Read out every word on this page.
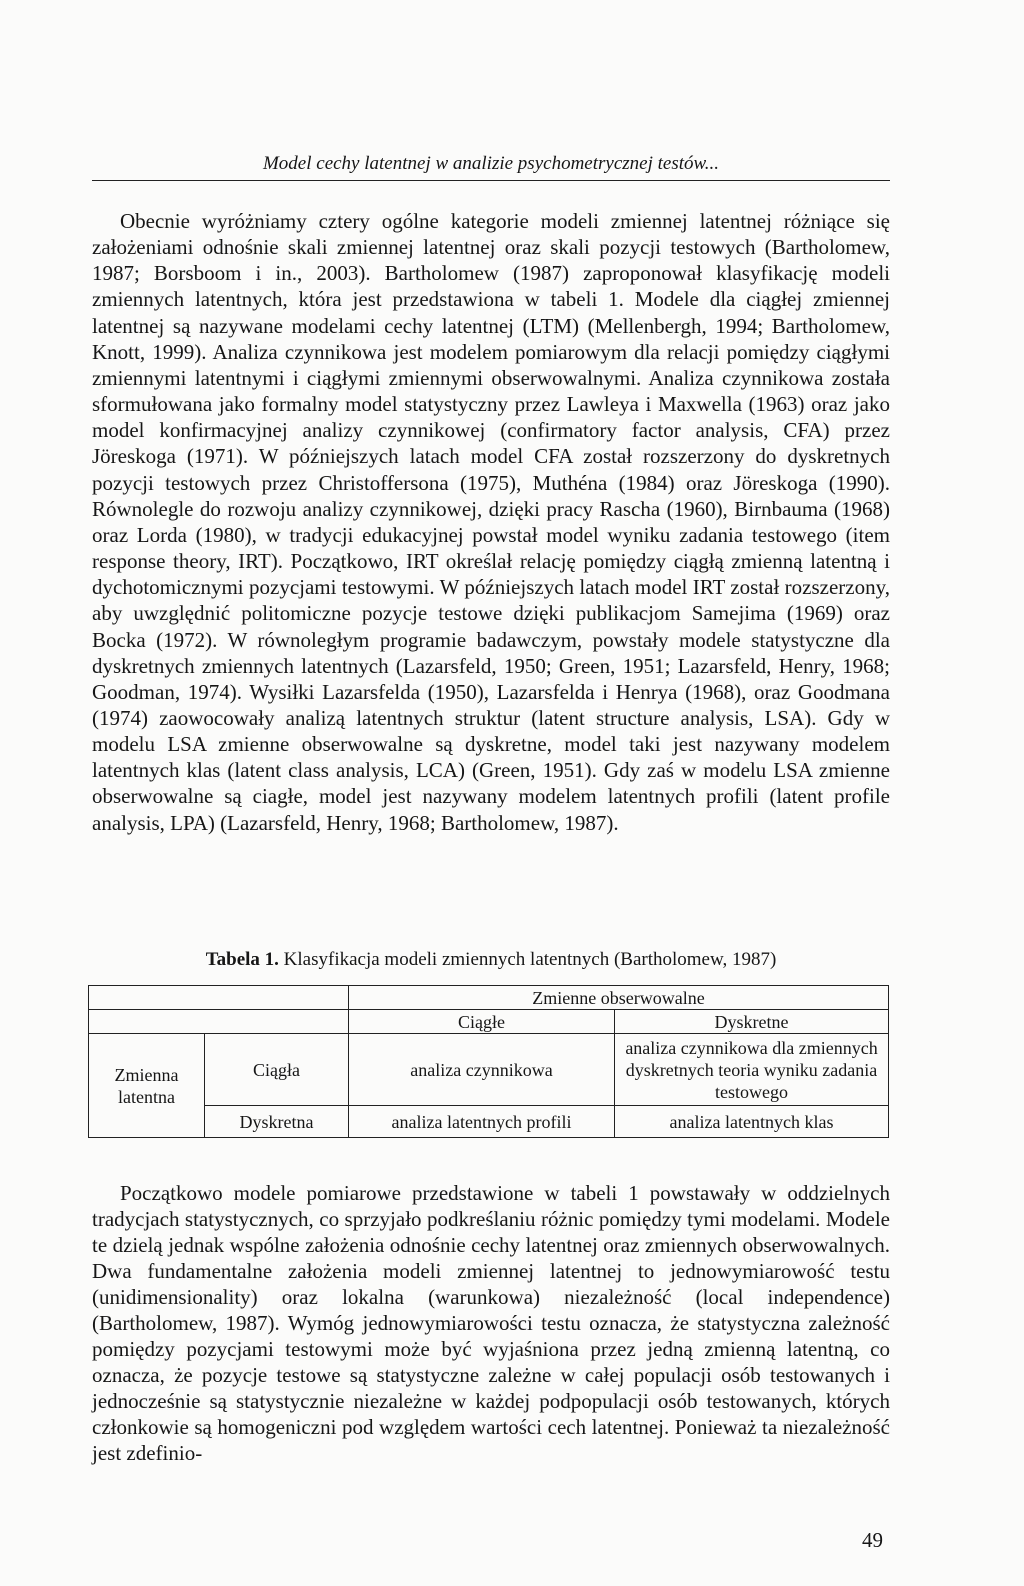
Model cechy latentnej w analizie psychometrycznej testów...

Obecnie wyróżniamy cztery ogólne kategorie modeli zmiennej latentnej różniące się założeniami odnośnie skali zmiennej latentnej oraz skali pozycji testowych (Bartholomew, 1987; Borsboom i in., 2003). Bartholomew (1987) zaproponował klasyfikację modeli zmiennych latentnych, która jest przedstawiona w tabeli 1. Modele dla ciągłej zmiennej latentnej są nazywane modelami cechy latentnej (LTM) (Mellenbergh, 1994; Bartholomew, Knott, 1999). Analiza czynnikowa jest modelem pomiarowym dla relacji pomiędzy ciągłymi zmiennymi latentnymi i ciągłymi zmiennymi obserwowalnymi. Analiza czynnikowa została sformułowana jako formalny model statystyczny przez Lawleya i Maxwella (1963) oraz jako model konfirmacyjnej analizy czynnikowej (confirmatory factor analysis, CFA) przez Jöreskoga (1971). W późniejszych latach model CFA został rozszerzony do dyskretnych pozycji testowych przez Christoffersona (1975), Muthéna (1984) oraz Jöreskoga (1990). Równolegle do rozwoju analizy czynnikowej, dzięki pracy Rascha (1960), Birnbauma (1968) oraz Lorda (1980), w tradycji edukacyjnej powstał model wyniku zadania testowego (item response theory, IRT). Początkowo, IRT określał relację pomiędzy ciągłą zmienną latentną i dychotomicznymi pozycjami testowymi. W późniejszych latach model IRT został rozszerzony, aby uwzględnić politomiczne pozycje testowe dzięki publikacjom Samejima (1969) oraz Bocka (1972). W równoległym programie badawczym, powstały modele statystyczne dla dyskretnych zmiennych latentnych (Lazarsfeld, 1950; Green, 1951; Lazarsfeld, Henry, 1968; Goodman, 1974). Wysiłki Lazarsfelda (1950), Lazarsfelda i Henrya (1968), oraz Goodmana (1974) zaowocowały analizą latentnych struktur (latent structure analysis, LSA). Gdy w modelu LSA zmienne obserwowalne są dyskretne, model taki jest nazywany modelem latentnych klas (latent class analysis, LCA) (Green, 1951). Gdy zaś w modelu LSA zmienne obserwowalne są ciagłe, model jest nazywany modelem latentnych profili (latent profile analysis, LPA) (Lazarsfeld, Henry, 1968; Bartholomew, 1987).

Tabela 1. Klasyfikacja modeli zmiennych latentnych (Bartholomew, 1987)
		Zmienne obserwowalne	
		Ciągłe	Dyskretne
Zmienna latentna	Ciągła	analiza czynnikowa	analiza czynnikowa dla zmiennych dyskretnych teoria wyniku zadania testowego
	Dyskretna	analiza latentnych profili	analiza latentnych klas

Początkowo modele pomiarowe przedstawione w tabeli 1 powstawały w oddzielnych tradycjach statystycznych, co sprzyjało podkreślaniu różnic pomiędzy tymi modelami. Modele te dzielą jednak wspólne założenia odnośnie cechy latentnej oraz zmiennych obserwowalnych. Dwa fundamentalne założenia modeli zmiennej latentnej to jednowymiarowość testu (unidimensionality) oraz lokalna (warunkowa) niezależność (local independence) (Bartholomew, 1987). Wymóg jednowymiarowości testu oznacza, że statystyczna zależność pomiędzy pozycjami testowymi może być wyjaśniona przez jedną zmienną latentną, co oznacza, że pozycje testowe są statystyczne zależne w całej populacji osób testowanych i jednocześnie są statystycznie niezależne w każdej podpopulacji osób testowanych, których członkowie są homogeniczni pod względem wartości cech latentnej. Ponieważ ta niezależność jest zdefinio-

49
